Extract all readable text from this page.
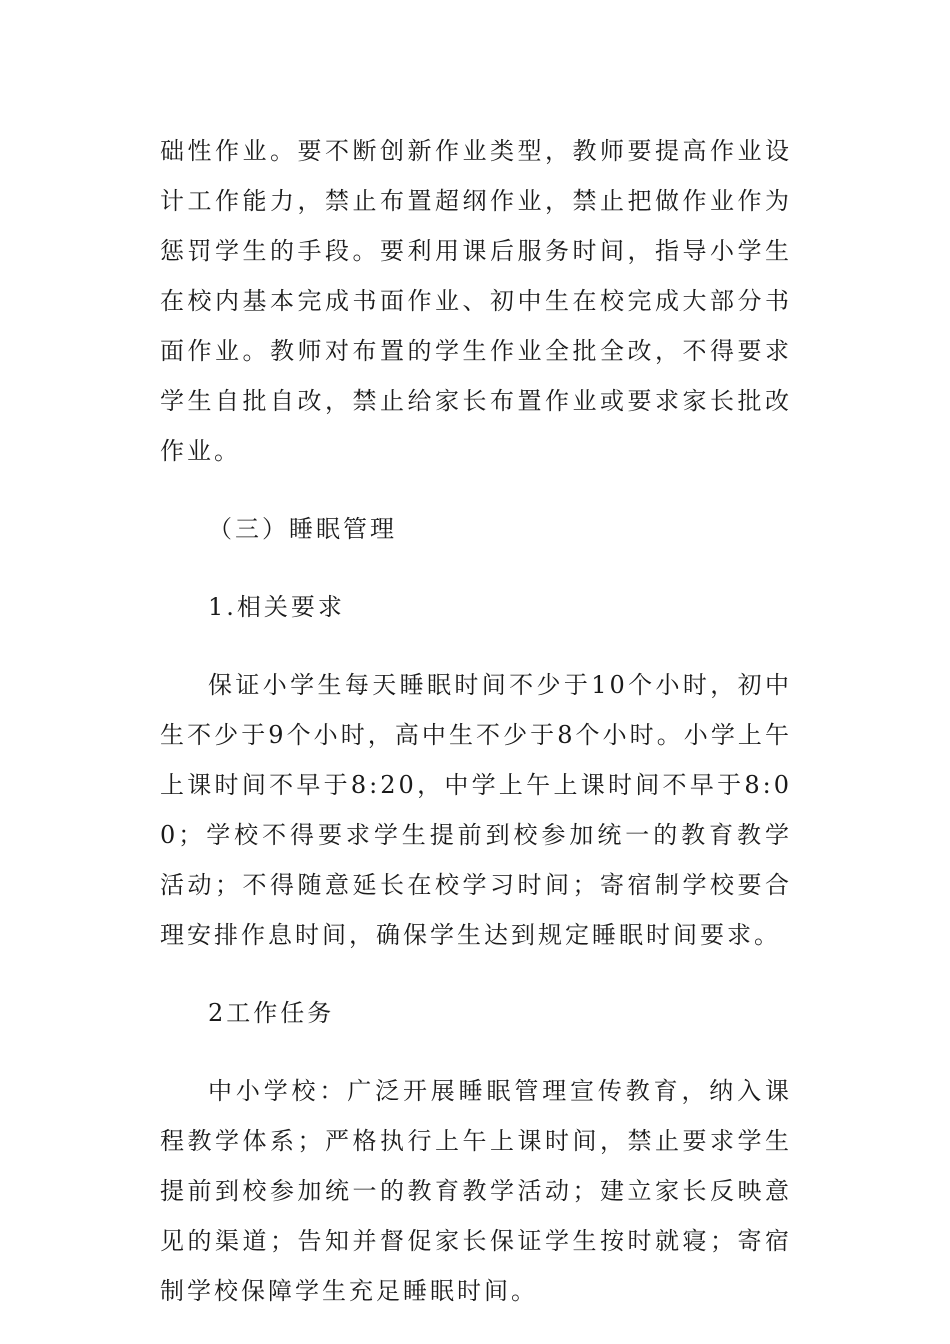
础性作业。要不断创新作业类型，教师要提高作业设计工作能力，禁止布置超纲作业，禁止把做作业作为惩罚学生的手段。要利用课后服务时间，指导小学生在校内基本完成书面作业、初中生在校完成大部分书面作业。教师对布置的学生作业全批全改，不得要求学生自批自改，禁止给家长布置作业或要求家长批改作业。

（三）睡眠管理

1.相关要求

保证小学生每天睡眠时间不少于10个小时，初中生不少于9个小时，高中生不少于8个小时。小学上午上课时间不早于8:20，中学上午上课时间不早于8:00；学校不得要求学生提前到校参加统一的教育教学活动；不得随意延长在校学习时间；寄宿制学校要合理安排作息时间，确保学生达到规定睡眠时间要求。

2工作任务

中小学校：广泛开展睡眠管理宣传教育，纳入课程教学体系；严格执行上午上课时间，禁止要求学生提前到校参加统一的教育教学活动；建立家长反映意见的渠道；告知并督促家长保证学生按时就寝；寄宿制学校保障学生充足睡眠时间。
